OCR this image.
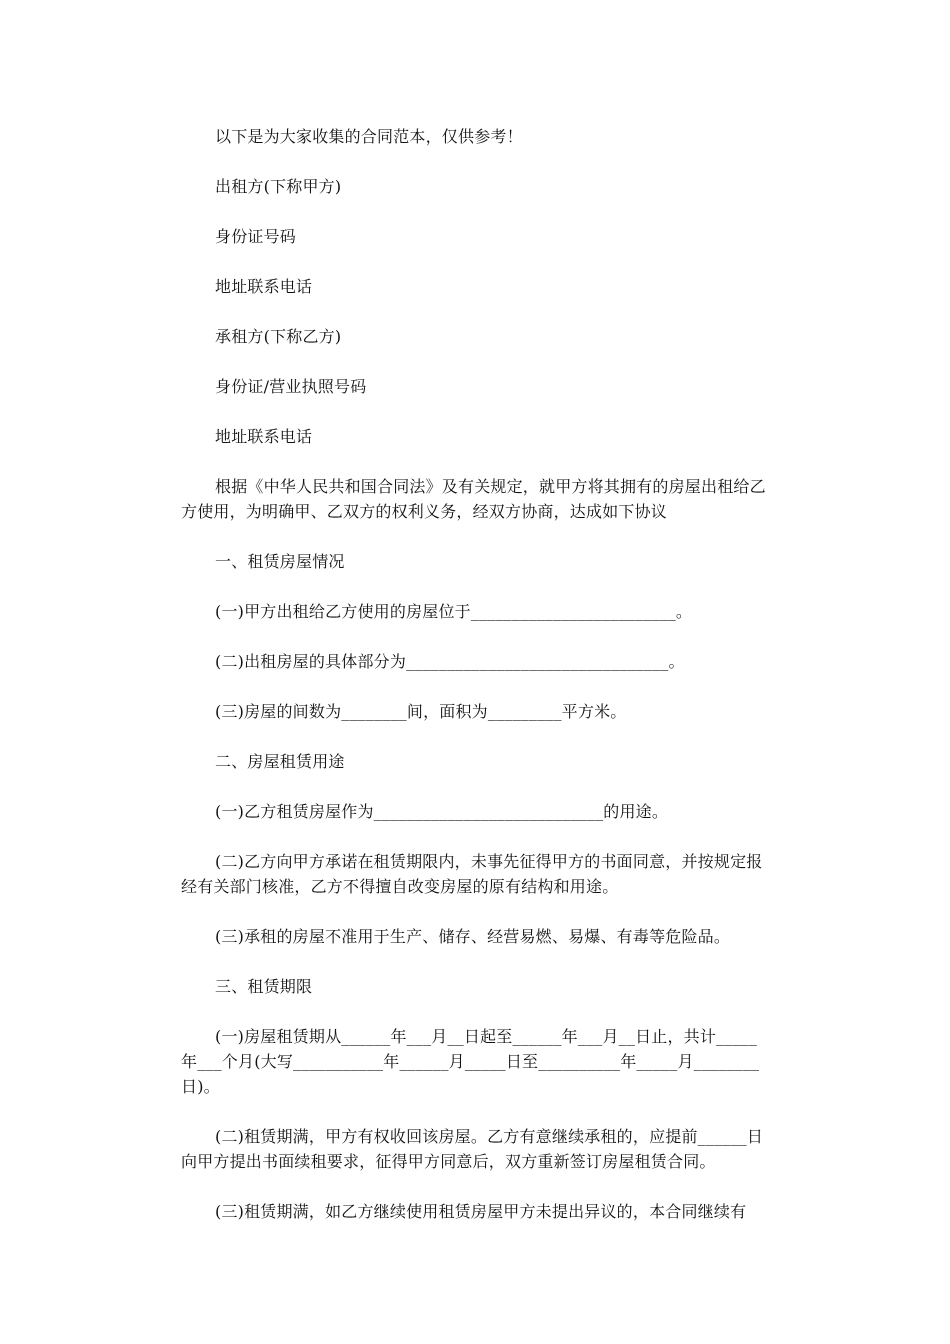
以下是为大家收集的合同范本，仅供参考！

出租方(下称甲方)

身份证号码

地址联系电话

承租方(下称乙方)

身份证/营业执照号码

地址联系电话

根据《中华人民共和国合同法》及有关规定，就甲方将其拥有的房屋出租给乙方使用，为明确甲、乙双方的权利义务，经双方协商，达成如下协议

一、租赁房屋情况

(一)甲方出租给乙方使用的房屋位于_________________________。

(二)出租房屋的具体部分为________________________________。

(三)房屋的间数为________间，面积为_________平方米。

二、房屋租赁用途

(一)乙方租赁房屋作为____________________________的用途。

(二)乙方向甲方承诺在租赁期限内，未事先征得甲方的书面同意，并按规定报经有关部门核准，乙方不得擅自改变房屋的原有结构和用途。

(三)承租的房屋不准用于生产、储存、经营易燃、易爆、有毒等危险品。

三、租赁期限

(一)房屋租赁期从______年___月__日起至______年___月__日止，共计_____年___个月(大写___________年______月_____日至__________年_____月________日)。

(二)租赁期满，甲方有权收回该房屋。乙方有意继续承租的，应提前______日向甲方提出书面续租要求，征得甲方同意后，双方重新签订房屋租赁合同。

(三)租赁期满，如乙方继续使用租赁房屋甲方未提出异议的，本合同继续有
